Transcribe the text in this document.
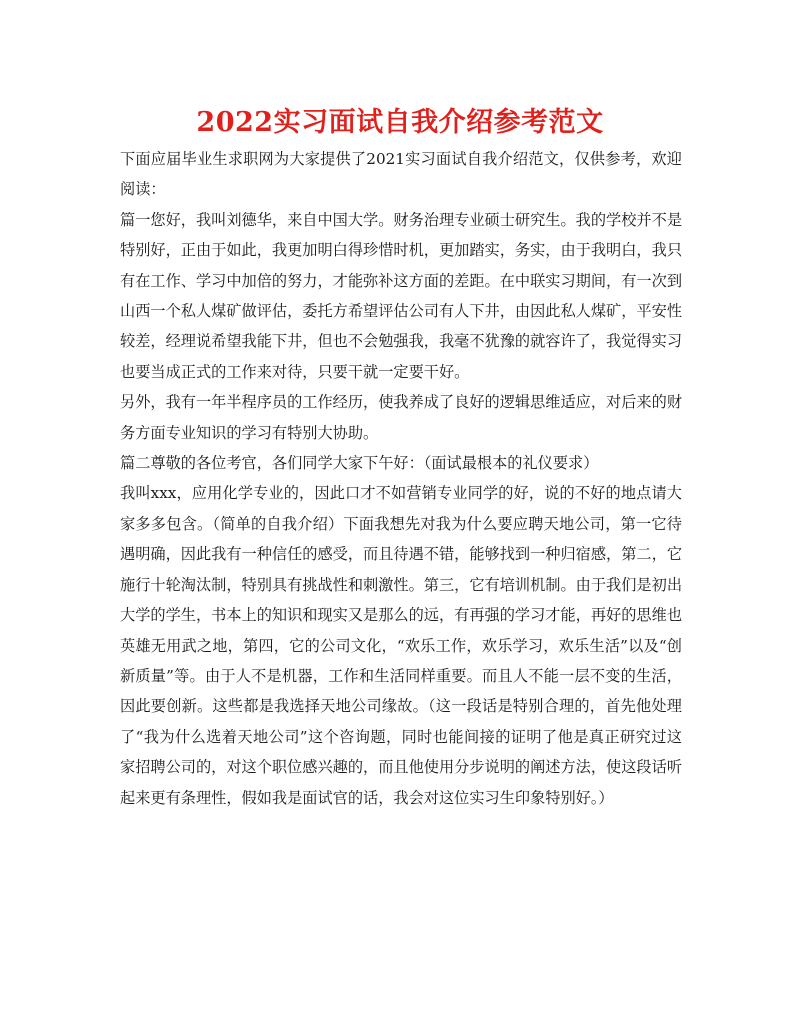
2022实习面试自我介绍参考范文

下面应届毕业生求职网为大家提供了2021实习面试自我介绍范文，仅供参考，欢迎阅读：

篇一您好，我叫刘德华，来自中国大学。财务治理专业硕士研究生。我的学校并不是特别好，正由于如此，我更加明白得珍惜时机，更加踏实，务实，由于我明白，我只有在工作、学习中加倍的努力，才能弥补这方面的差距。在中联实习期间，有一次到山西一个私人煤矿做评估，委托方希望评估公司有人下井，由因此私人煤矿，平安性较差，经理说希望我能下井，但也不会勉强我，我毫不犹豫的就容许了，我觉得实习也要当成正式的工作来对待，只要干就一定要干好。

另外，我有一年半程序员的工作经历，使我养成了良好的逻辑思维适应，对后来的财务方面专业知识的学习有特别大协助。

篇二尊敬的各位考官，各们同学大家下午好：（面试最根本的礼仪要求）

我叫xxx，应用化学专业的，因此口才不如营销专业同学的好，说的不好的地点请大家多多包含。（简单的自我介绍）下面我想先对我为什么要应聘天地公司，第一它待遇明确，因此我有一种信任的感受，而且待遇不错，能够找到一种归宿感，第二，它施行十轮淘汰制，特别具有挑战性和刺激性。第三，它有培训机制。由于我们是初出大学的学生，书本上的知识和现实又是那么的远，有再强的学习才能，再好的思维也英雄无用武之地，第四，它的公司文化，“欢乐工作，欢乐学习，欢乐生活”以及“创新质量”等。由于人不是机器，工作和生活同样重要。而且人不能一层不变的生活，因此要创新。这些都是我选择天地公司缘故。（这一段话是特别合理的，首先他处理了“我为什么选着天地公司”这个咨询题，同时也能间接的证明了他是真正研究过这家招聘公司的，对这个职位感兴趣的，而且他使用分步说明的阐述方法，使这段话听起来更有条理性，假如我是面试官的话，我会对这位实习生印象特别好。）
